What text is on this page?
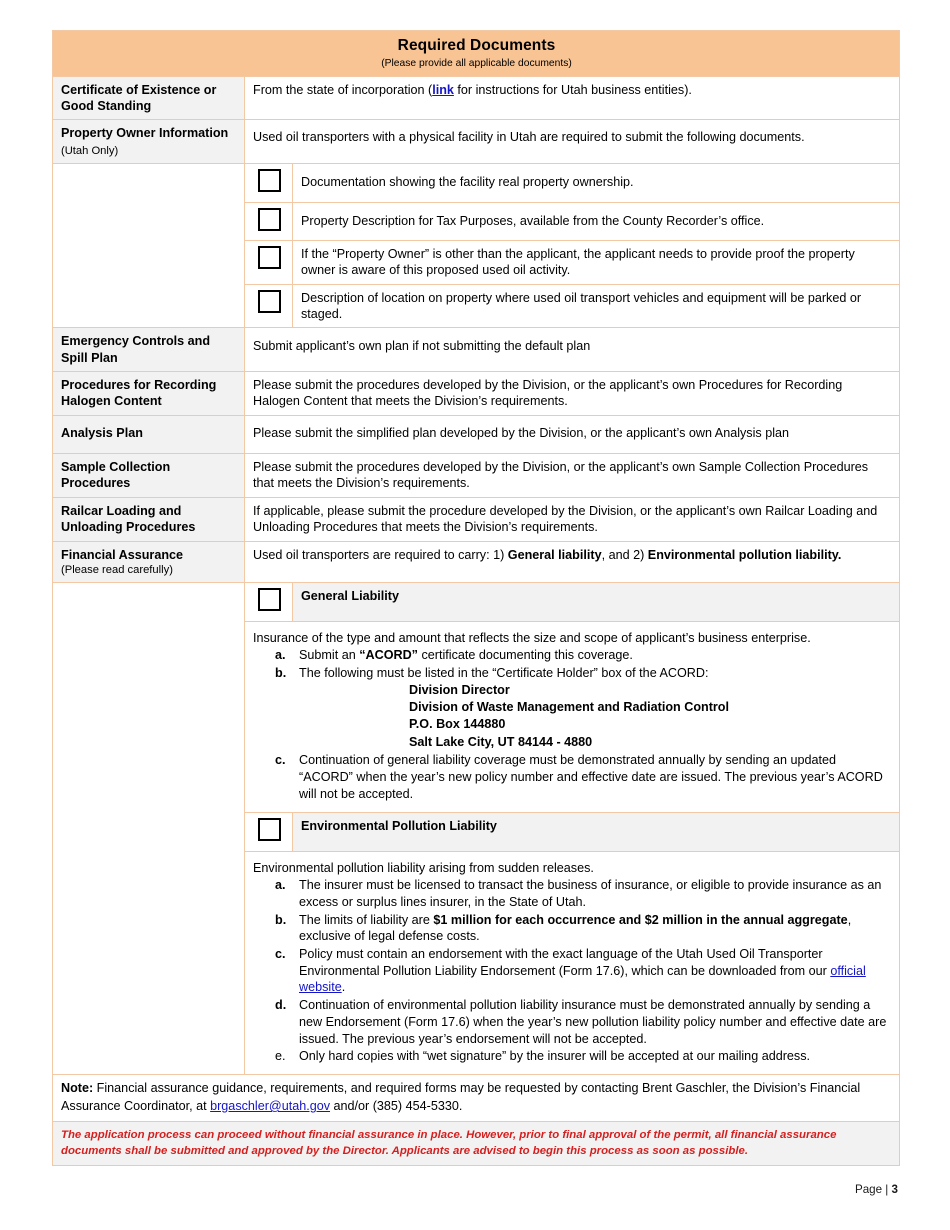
Required Documents
(Please provide all applicable documents)		

Certificate of Existence or Good Standing	From the state of incorporation (link for instructions for Utah business entities).	
Property Owner Information (Utah Only)	Used oil transporters with a physical facility in Utah are required to submit the following documents.	
		Documentation showing the facility real property ownership.
		Property Description for Tax Purposes, available from the County Recorder’s office.
		If the “Property Owner” is other than the applicant, the applicant needs to provide proof the property owner is aware of this proposed used oil activity.
		Description of location on property where used oil transport vehicles and equipment will be parked or staged.
Emergency Controls and Spill Plan	Submit applicant’s own plan if not submitting the default plan	
Procedures for Recording Halogen Content	Please submit the procedures developed by the Division, or the applicant’s own Procedures for Recording Halogen Content that meets the Division’s requirements.	
Analysis Plan	Please submit the simplified plan developed by the Division, or the applicant’s own Analysis plan	
Sample Collection Procedures	Please submit the procedures developed by the Division, or the applicant’s own Sample Collection Procedures that meets the Division’s requirements.	
Railcar Loading and Unloading Procedures	If applicable, please submit the procedure developed by the Division, or the applicant’s own Railcar Loading and Unloading Procedures that meets the Division’s requirements.	

Financial Assurance
(Please read carefully)	Used oil transporters are required to carry: 1) General liability, and 2) Environmental pollution liability.	
		General Liability

Insurance of the type and amount that reflects the size and scope of applicant’s business enterprise.
a.	Submit an “ACORD” certificate documenting this coverage.
b.	The following must be listed in the “Certificate Holder” box of the ACORD:
Division Director
Division of Waste Management and Radiation Control
P.O. Box 144880
Salt Lake City, UT 84144 - 4880
c.	Continuation of general liability coverage must be demonstrated annually by sending an updated “ACORD” when the year’s new policy number and effective date are issued. The previous year’s ACORD will not be accepted.

		Environmental Pollution Liability

Environmental pollution liability arising from sudden releases.
a.	The insurer must be licensed to transact the business of insurance, or eligible to provide insurance as an excess or surplus lines insurer, in the State of Utah.
b.	The limits of liability are $1 million for each occurrence and $2 million in the annual aggregate, exclusive of legal defense costs.
c.	Policy must contain an endorsement with the exact language of the Utah Used Oil Transporter Environmental Pollution Liability Endorsement (Form 17.6), which can be downloaded from our official website.
d.	Continuation of environmental pollution liability insurance must be demonstrated annually by sending a new Endorsement (Form 17.6) when the year’s new pollution liability policy number and effective date are issued. The previous year’s endorsement will not be accepted.
e.	Only hard copies with “wet signature” by the insurer will be accepted at our mailing address.

Note: Financial assurance guidance, requirements, and required forms may be requested by contacting Brent Gaschler, the Division’s Financial Assurance Coordinator, at brgaschler@utah.gov and/or (385) 454-5330.		
The application process can proceed without financial assurance in place. However, prior to final approval of the permit, all financial assurance documents shall be submitted and approved by the Director. Applicants are advised to begin this process as soon as possible.		
Page | 3
